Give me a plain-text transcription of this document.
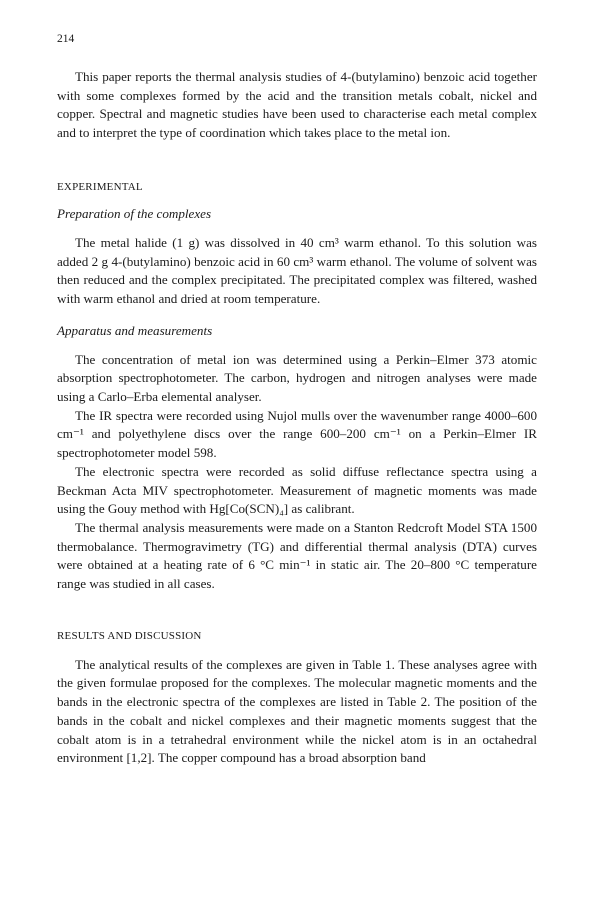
214

This paper reports the thermal analysis studies of 4-(butylamino) benzoic acid together with some complexes formed by the acid and the transition metals cobalt, nickel and copper. Spectral and magnetic studies have been used to characterise each metal complex and to interpret the type of coordination which takes place to the metal ion.

EXPERIMENTAL
Preparation of the complexes

The metal halide (1 g) was dissolved in 40 cm³ warm ethanol. To this solution was added 2 g 4-(butylamino) benzoic acid in 60 cm³ warm ethanol. The volume of solvent was then reduced and the complex precipitated. The precipitated complex was filtered, washed with warm ethanol and dried at room temperature.

Apparatus and measurements

The concentration of metal ion was determined using a Perkin–Elmer 373 atomic absorption spectrophotometer. The carbon, hydrogen and nitrogen analyses were made using a Carlo–Erba elemental analyser.

The IR spectra were recorded using Nujol mulls over the wavenumber range 4000–600 cm⁻¹ and polyethylene discs over the range 600–200 cm⁻¹ on a Perkin–Elmer IR spectrophotometer model 598.

The electronic spectra were recorded as solid diffuse reflectance spectra using a Beckman Acta MIV spectrophotometer. Measurement of magnetic moments was made using the Gouy method with Hg[Co(SCN)₄] as calibrant.

The thermal analysis measurements were made on a Stanton Redcroft Model STA 1500 thermobalance. Thermogravimetry (TG) and differential thermal analysis (DTA) curves were obtained at a heating rate of 6 °C min⁻¹ in static air. The 20–800 °C temperature range was studied in all cases.

RESULTS AND DISCUSSION

The analytical results of the complexes are given in Table 1. These analyses agree with the given formulae proposed for the complexes. The molecular magnetic moments and the bands in the electronic spectra of the complexes are listed in Table 2. The position of the bands in the cobalt and nickel complexes and their magnetic moments suggest that the cobalt atom is in a tetrahedral environment while the nickel atom is in an octahedral environment [1,2]. The copper compound has a broad absorption band
